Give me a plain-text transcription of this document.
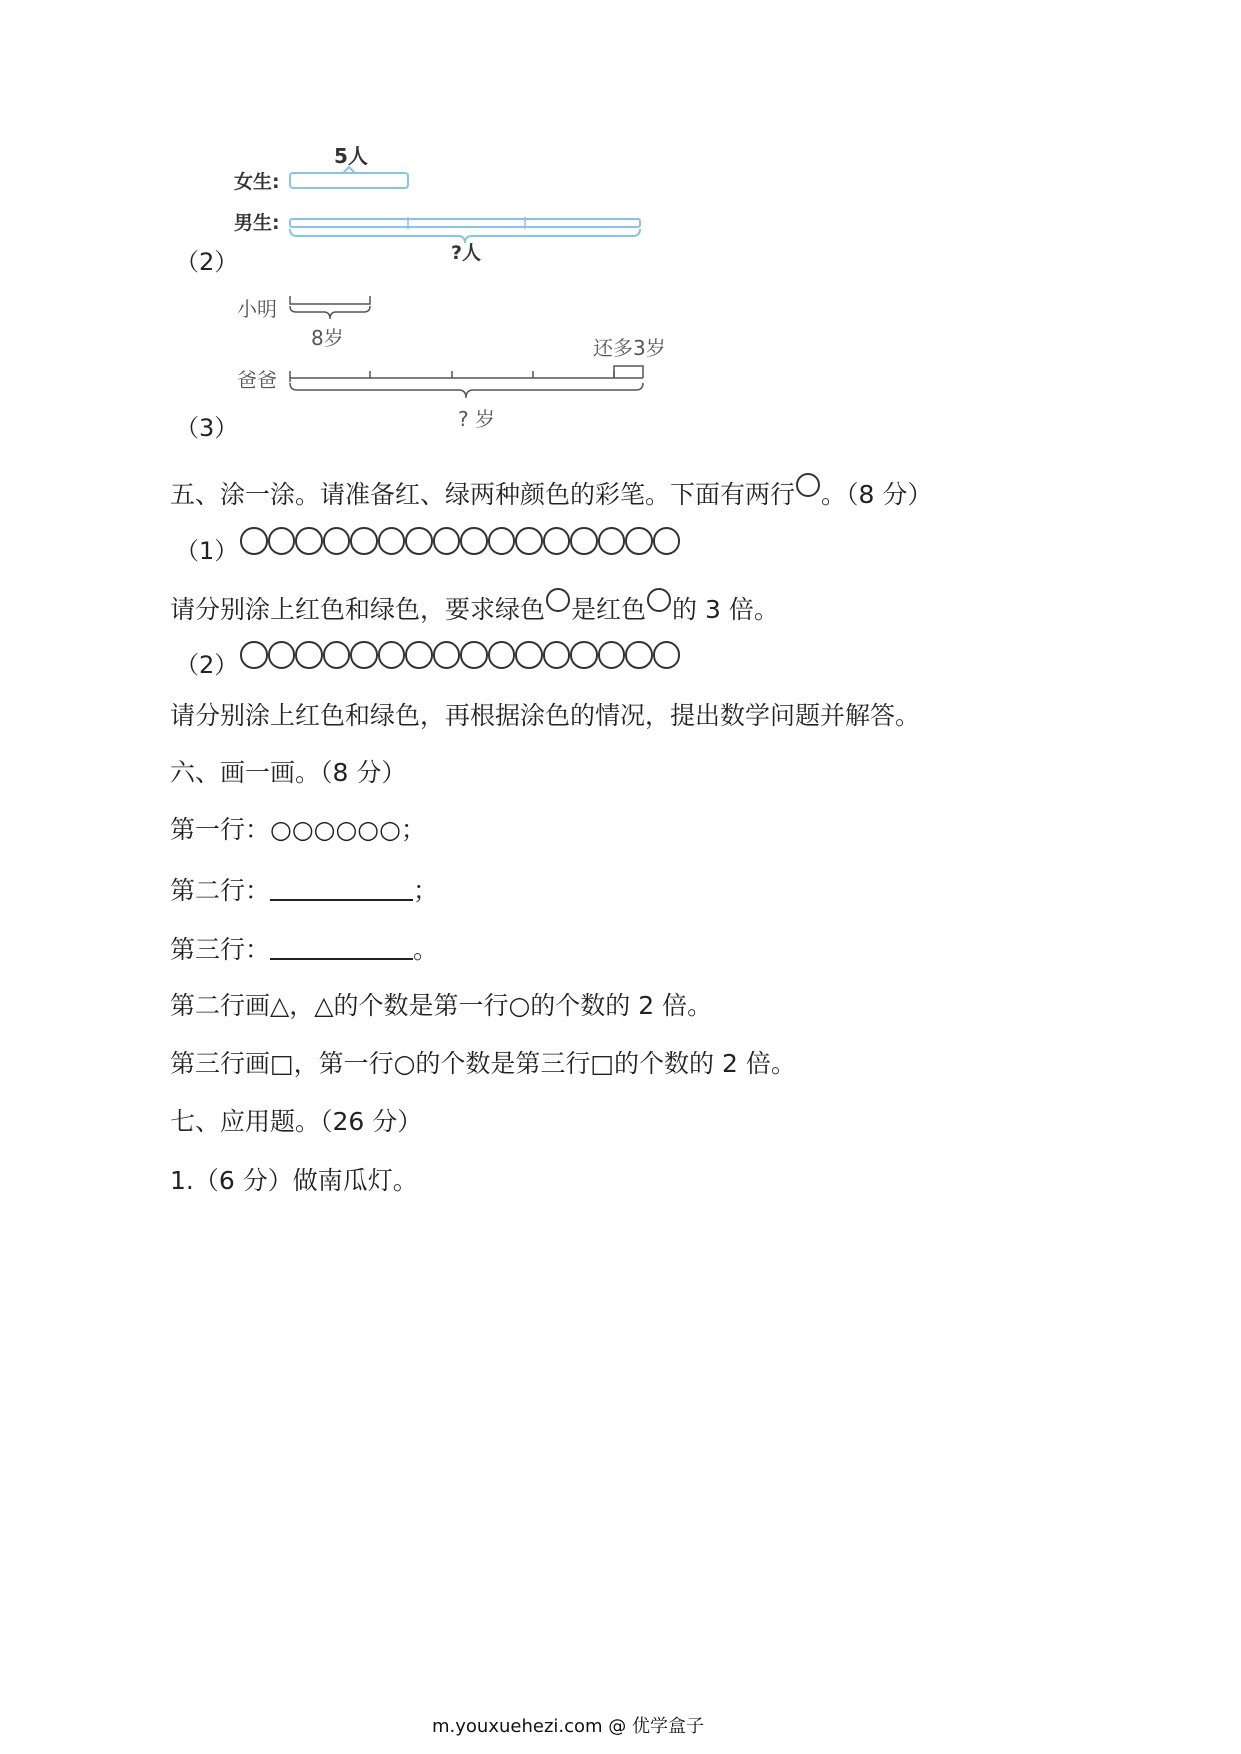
5人
女生:
男生:
?人
小明
8岁	还多3岁
爸爸
? 岁
（2）
（3）
五、涂一涂。请准备红、绿两种颜色的彩笔。下面有两行 。（8 分）
（1）
请分别涂上红色和绿色，要求绿色 是红色 的 3 倍。
（2）
请分别涂上红色和绿色，再根据涂色的情况，提出数学问题并解答。
六、画一画。（8 分）
第一行：○○○○○○；
第二行：	；
第三行：	。
第二行画△，△的个数是第一行○的个数的 2 倍。
第三行画□，第一行○的个数是第三行□的个数的 2 倍。
七、应用题。（26 分）
1.（6 分）做南瓜灯。
m.youxuehezi.com @ 优学盒子
